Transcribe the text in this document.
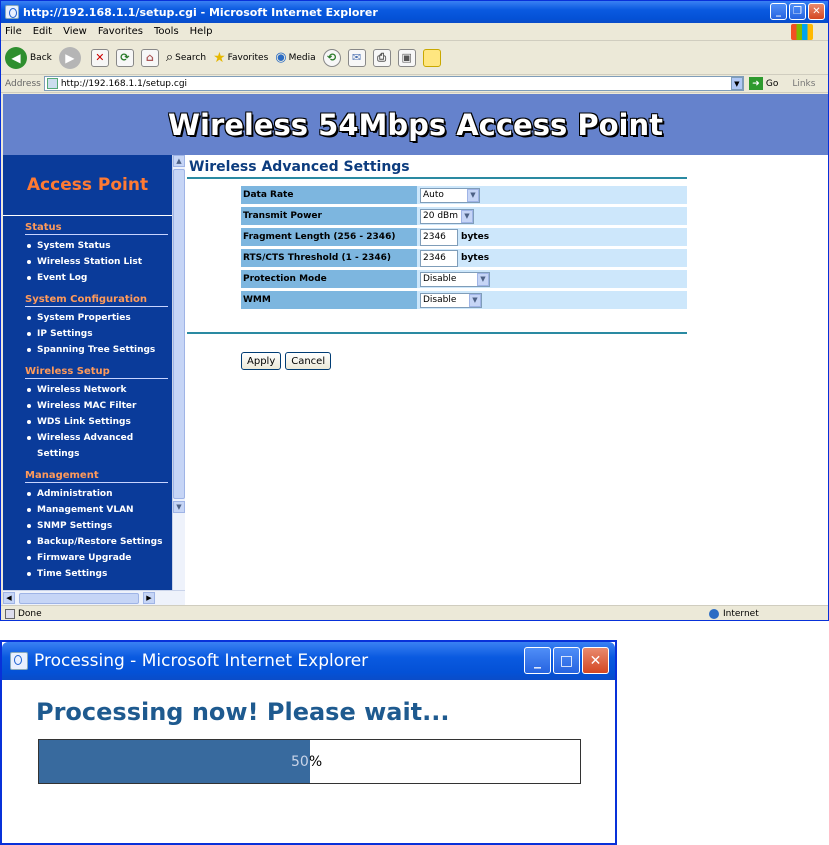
http://192.168.1.1/setup.cgi - Microsoft Internet Explorer	_	❐	✕
File Edit View Favorites Tools Help
◀	Back	▶	✕	⟳	⌂ ⌕ Search ★ Favorites ◉ Media	⟲	✉	⎙	▣
Address http://192.168.1.1/setup.cgi	▼	➜ Go Links
Wireless 54Mbps Access Point
Access Point
Status
System Status
Wireless Station List
Event Log
System Configuration
System Properties
IP Settings
Spanning Tree Settings
Wireless Setup
Wireless Network
Wireless MAC Filter
WDS Link Settings
Wireless Advanced Settings
Management
Administration
Management VLAN
SNMP Settings
Backup/Restore Settings
Firmware Upgrade
Time Settings
▲
▼
◀	▶
Wireless Advanced Settings
Data Rate	Auto ▼

Transmit Power	20 dBm ▼

Fragment Length (256 - 2346)	2346 bytes
RTS/CTS Threshold (1 - 2346)	2346 bytes
Protection Mode	Disable ▼

WMM	Disable ▼
Apply	Cancel
Done	Internet
Processing - Microsoft Internet Explorer	_	□	✕
Processing now! Please wait...
50 %
